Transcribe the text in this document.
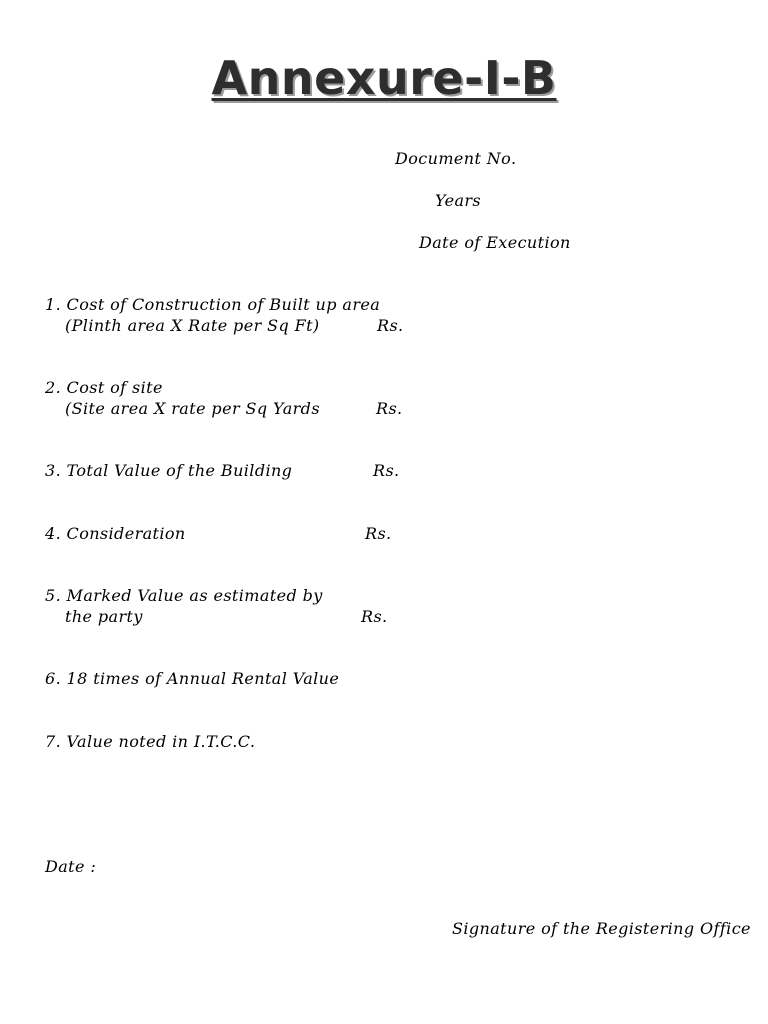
Annexure-I-B
Document No.
Years
Date of Execution
1. Cost of Construction of Built up area
(Plinth area X Rate per Sq Ft)	Rs.
2. Cost of site
(Site area X rate per Sq Yards	Rs.
3. Total Value of the Building	Rs.
4. Consideration	Rs.
5. Marked Value as estimated by
the party	Rs.
6. 18 times of Annual Rental Value
7. Value noted in I.T.C.C.
Date :
Signature of the Registering Office
